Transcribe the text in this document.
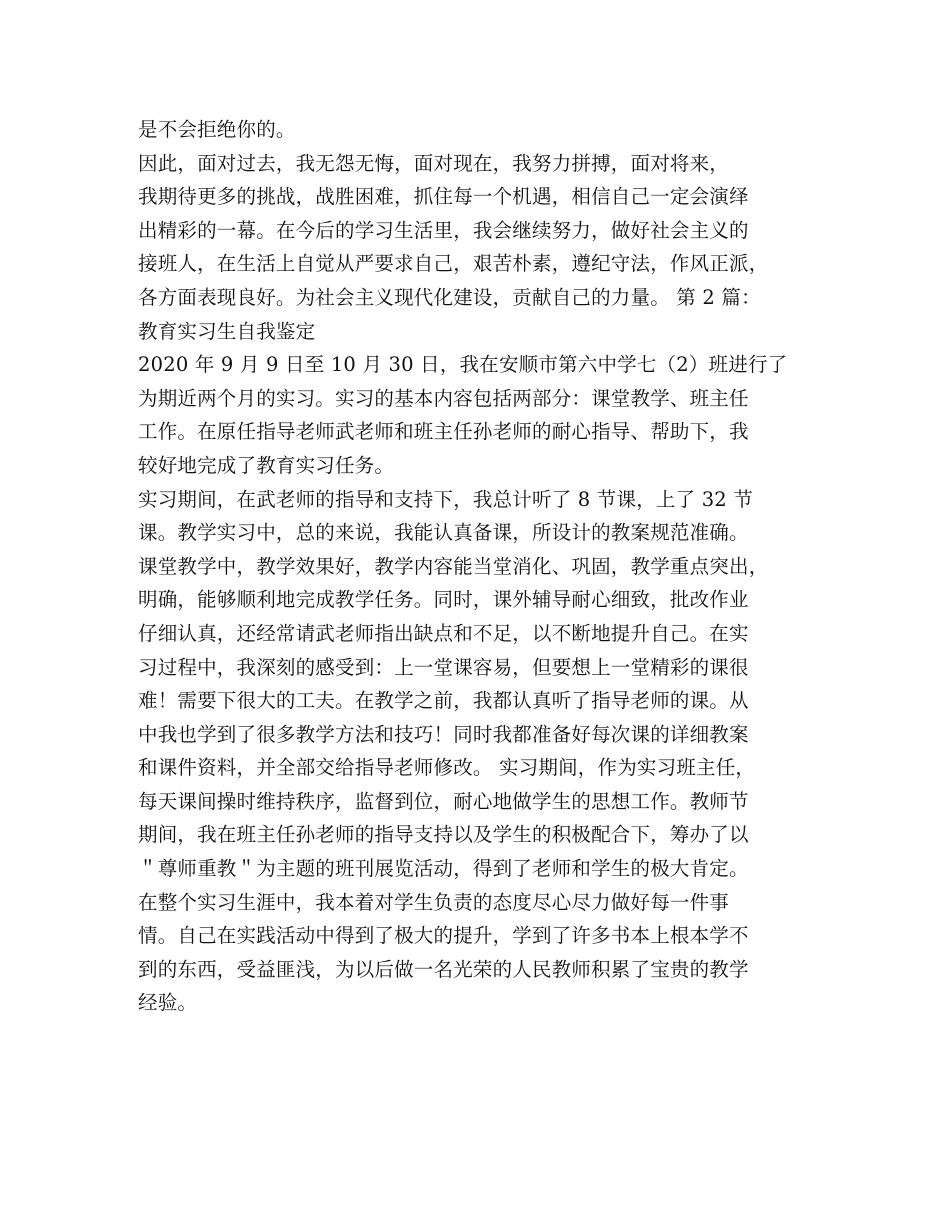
是不会拒绝你的。
因此，面对过去，我无怨无悔，面对现在，我努力拼搏，面对将来，
我期待更多的挑战，战胜困难，抓住每一个机遇，相信自己一定会演绎
出精彩的一幕。在今后的学习生活里，我会继续努力，做好社会主义的
接班人，在生活上自觉从严要求自己，艰苦朴素，遵纪守法，作风正派，
各方面表现良好。为社会主义现代化建设，贡献自己的力量。 第 2 篇：
教育实习生自我鉴定
2020 年 9 月 9 日至 10 月 30 日，我在安顺市第六中学七（2）班进行了
为期近两个月的实习。实习的基本内容包括两部分：课堂教学、班主任
工作。在原任指导老师武老师和班主任孙老师的耐心指导、帮助下，我
较好地完成了教育实习任务。
实习期间，在武老师的指导和支持下，我总计听了 8 节课，上了 32 节
课。教学实习中，总的来说，我能认真备课，所设计的教案规范准确。
课堂教学中，教学效果好，教学内容能当堂消化、巩固，教学重点突出，
明确，能够顺利地完成教学任务。同时，课外辅导耐心细致，批改作业
仔细认真，还经常请武老师指出缺点和不足，以不断地提升自己。在实
习过程中，我深刻的感受到：上一堂课容易，但要想上一堂精彩的课很
难！需要下很大的工夫。在教学之前，我都认真听了指导老师的课。从
中我也学到了很多教学方法和技巧！同时我都准备好每次课的详细教案
和课件资料，并全部交给指导老师修改。 实习期间，作为实习班主任，
每天课间操时维持秩序，监督到位，耐心地做学生的思想工作。教师节
期间，我在班主任孙老师的指导支持以及学生的积极配合下，筹办了以
＂尊师重教＂为主题的班刊展览活动，得到了老师和学生的极大肯定。
在整个实习生涯中，我本着对学生负责的态度尽心尽力做好每一件事
情。自己在实践活动中得到了极大的提升，学到了许多书本上根本学不
到的东西，受益匪浅，为以后做一名光荣的人民教师积累了宝贵的教学
经验。
